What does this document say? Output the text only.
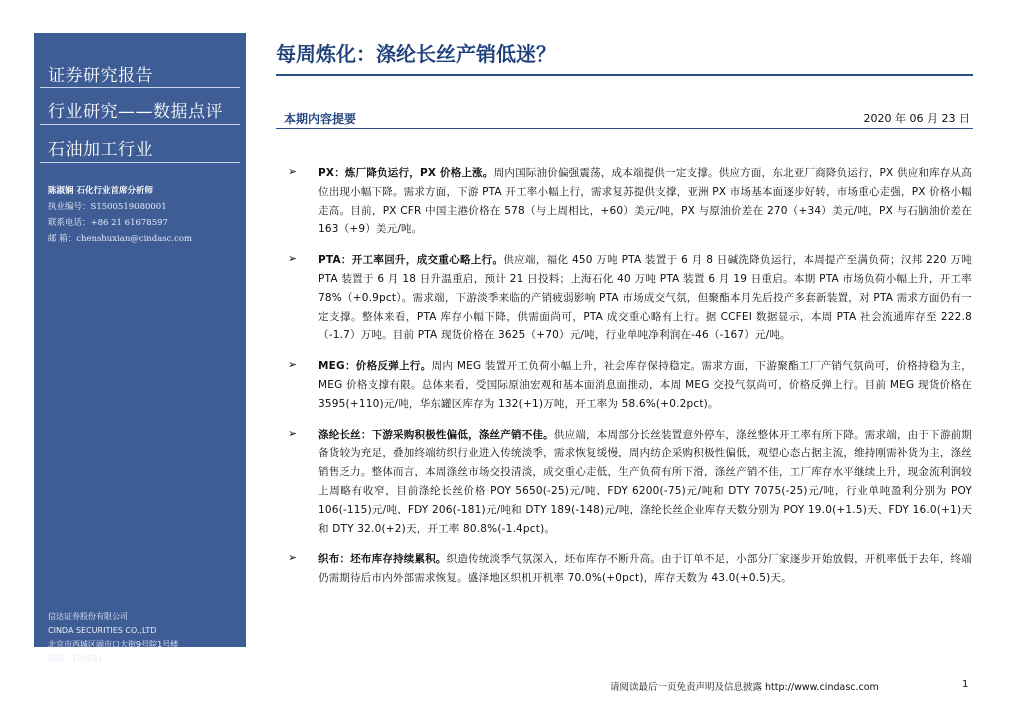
证券研究报告
行业研究——数据点评
石油加工行业
陈淑娴 石化行业首席分析师
执业编号：S1500519080001
联系电话：+86 21 61678597
邮 箱：chenshuxian@cindasc.com
信达证券股份有限公司
CINDA SECURITIES CO.,LTD
北京市西城区闹市口大街9号院1号楼
邮编：100031
每周炼化：涤纶长丝产销低迷？
本期内容提要	2020 年 06 月 23 日
➢ PX：炼厂降负运行，PX 价格上涨。周内国际油价偏强震荡，成本端提供一定支撑。供应方面，东北亚厂商降负运行，PX 供应和库存从高位出现小幅下降。需求方面，下游 PTA 开工率小幅上行，需求复苏提供支撑，亚洲 PX 市场基本面逐步好转，市场重心走强，PX 价格小幅走高。目前，PX CFR 中国主港价格在 578（与上周相比，+60）美元/吨，PX 与原油价差在 270（+34）美元/吨，PX 与石脑油价差在 163（+9）美元/吨。

➢ PTA：开工率回升，成交重心略上行。供应端，福化 450 万吨 PTA 装置于 6 月 8 日碱洗降负运行，本周提产至满负荷；汉邦 220 万吨 PTA 装置于 6 月 18 日升温重启，预计 21 日投料；上海石化 40 万吨 PTA 装置 6 月 19 日重启。本期 PTA 市场负荷小幅上升，开工率 78%（+0.9pct）。需求端，下游淡季来临的产销疲弱影响 PTA 市场成交气氛，但聚酯本月先后投产多套新装置，对 PTA 需求方面仍有一定支撑。整体来看，PTA 库存小幅下降，供需面尚可，PTA 成交重心略有上行。据 CCFEI 数据显示，本周 PTA 社会流通库存至 222.8（-1.7）万吨。目前 PTA 现货价格在 3625（+70）元/吨，行业单吨净利润在-46（-167）元/吨。

➢ MEG：价格反弹上行。周内 MEG 装置开工负荷小幅上升，社会库存保持稳定。需求方面，下游聚酯工厂产销气氛尚可，价格持稳为主，MEG 价格支撑有限。总体来看，受国际原油宏观和基本面消息面推动，本周 MEG 交投气氛尚可，价格反弹上行。目前 MEG 现货价格在 3595(+110)元/吨，华东罐区库存为 132(+1)万吨，开工率为 58.6%(+0.2pct)。

➢ 涤纶长丝：下游采购积极性偏低，涤丝产销不佳。供应端，本周部分长丝装置意外停车，涤丝整体开工率有所下降。需求端，由于下游前期备货较为充足，叠加终端纺织行业进入传统淡季，需求恢复缓慢，周内纺企采购积极性偏低，观望心态占据主流，维持刚需补货为主，涤丝销售乏力。整体而言，本周涤丝市场交投清淡，成交重心走低，生产负荷有所下滑，涤丝产销不佳，工厂库存水平继续上升，现金流利润较上周略有收窄，目前涤纶长丝价格 POY 5650(-25)元/吨、FDY 6200(-75)元/吨和 DTY 7075(-25)元/吨，行业单吨盈利分别为 POY 106(-115)元/吨、FDY 206(-181)元/吨和 DTY 189(-148)元/吨，涤纶长丝企业库存天数分别为 POY 19.0(+1.5)天、FDY 16.0(+1)天和 DTY 32.0(+2)天，开工率 80.8%(-1.4pct)。

➢ 织布：坯布库存持续累积。织造传统淡季气氛深入，坯布库存不断升高。由于订单不足，小部分厂家逐步开始放假，开机率低于去年，终端仍需期待后市内外部需求恢复。盛泽地区织机开机率 70.0%(+0pct)，库存天数为 43.0(+0.5)天。

请阅读最后一页免责声明及信息披露 http://www.cindasc.com	1
